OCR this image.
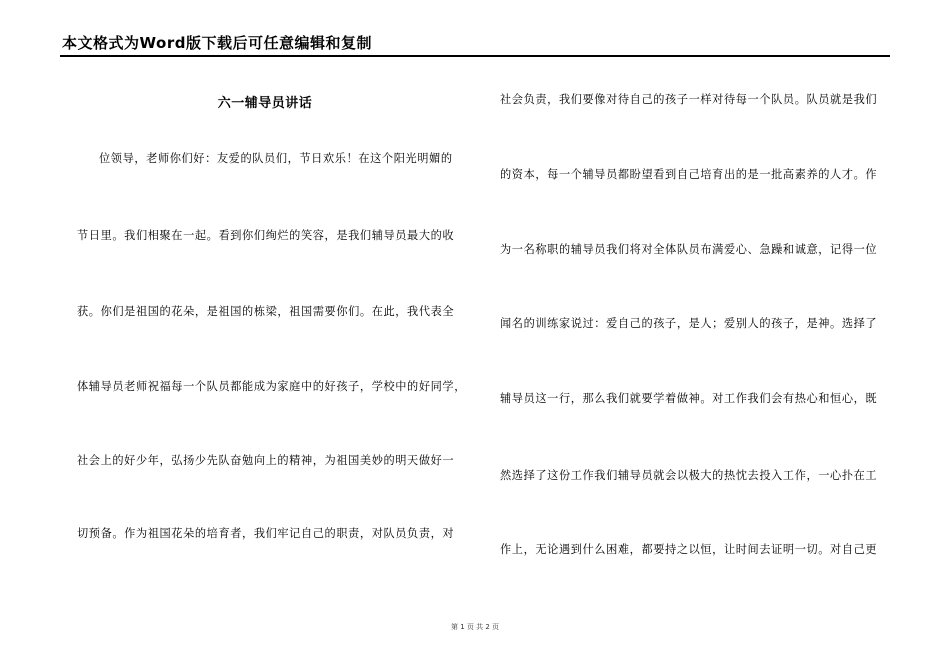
本文格式为Word版下载后可任意编辑和复制
六一辅导员讲话
位领导，老师你们好：友爱的队员们，节日欢乐！在这个阳光明媚的
节日里。我们相聚在一起。看到你们绚烂的笑容，是我们辅导员最大的收
获。你们是祖国的花朵，是祖国的栋梁，祖国需要你们。在此，我代表全
体辅导员老师祝福每一个队员都能成为家庭中的好孩子，学校中的好同学，
社会上的好少年，弘扬少先队奋勉向上的精神，为祖国美妙的明天做好一
切预备。作为祖国花朵的培育者，我们牢记自己的职责，对队员负责，对
社会负责，我们要像对待自己的孩子一样对待每一个队员。队员就是我们
的资本，每一个辅导员都盼望看到自己培育出的是一批高素养的人才。作
为一名称职的辅导员我们将对全体队员布满爱心、急躁和诚意，记得一位
闻名的训练家说过：爱自己的孩子，是人；爱别人的孩子，是神。选择了
辅导员这一行，那么我们就要学着做神。对工作我们会有热心和恒心，既
然选择了这份工作我们辅导员就会以极大的热忱去投入工作，一心扑在工
作上，无论遇到什么困难，都要持之以恒，让时间去证明一切。对自己更
第 1 页 共 2 页
